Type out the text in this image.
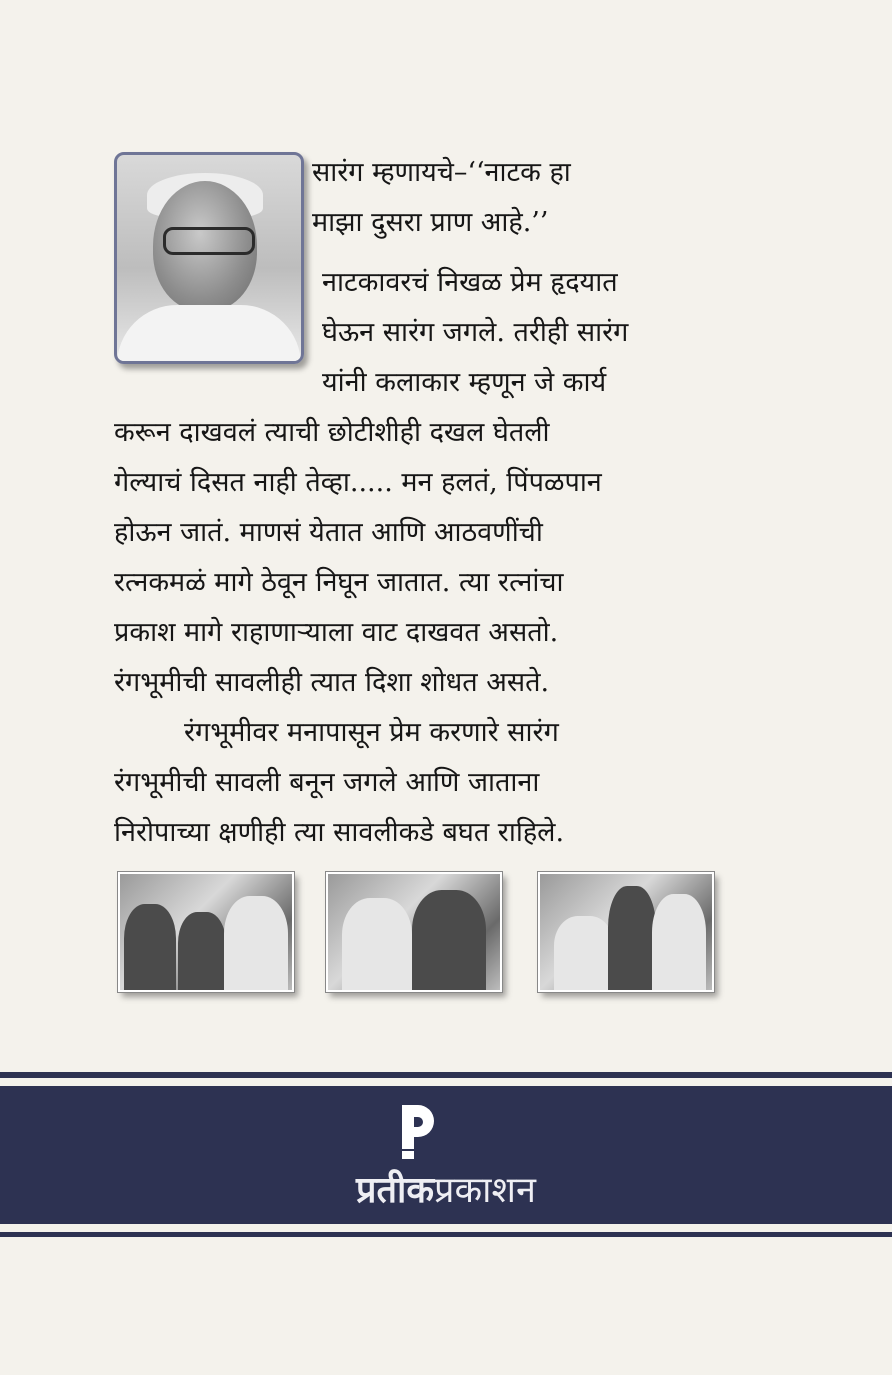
सारंग म्हणायचे–‘‘नाटक हा
माझा दुसरा प्राण आहे.’’
नाटकावरचं निखळ प्रेम हृदयात
घेऊन सारंग जगले. तरीही सारंग
यांनी कलाकार म्हणून जे कार्य
करून दाखवलं त्याची छोटीशीही दखल घेतली
गेल्याचं दिसत नाही तेव्हा..... मन हलतं, पिंपळपान
होऊन जातं. माणसं येतात आणि आठवणींची
रत्नकमळं मागे ठेवून निघून जातात. त्या रत्नांचा
प्रकाश मागे राहाणाऱ्याला वाट दाखवत असतो.
रंगभूमीची सावलीही त्यात दिशा शोधत असते.
रंगभूमीवर मनापासून प्रेम करणारे सारंग
रंगभूमीची सावली बनून जगले आणि जाताना
निरोपाच्या क्षणीही त्या सावलीकडे बघत राहिले.

प्रतीकप्रकाशन
